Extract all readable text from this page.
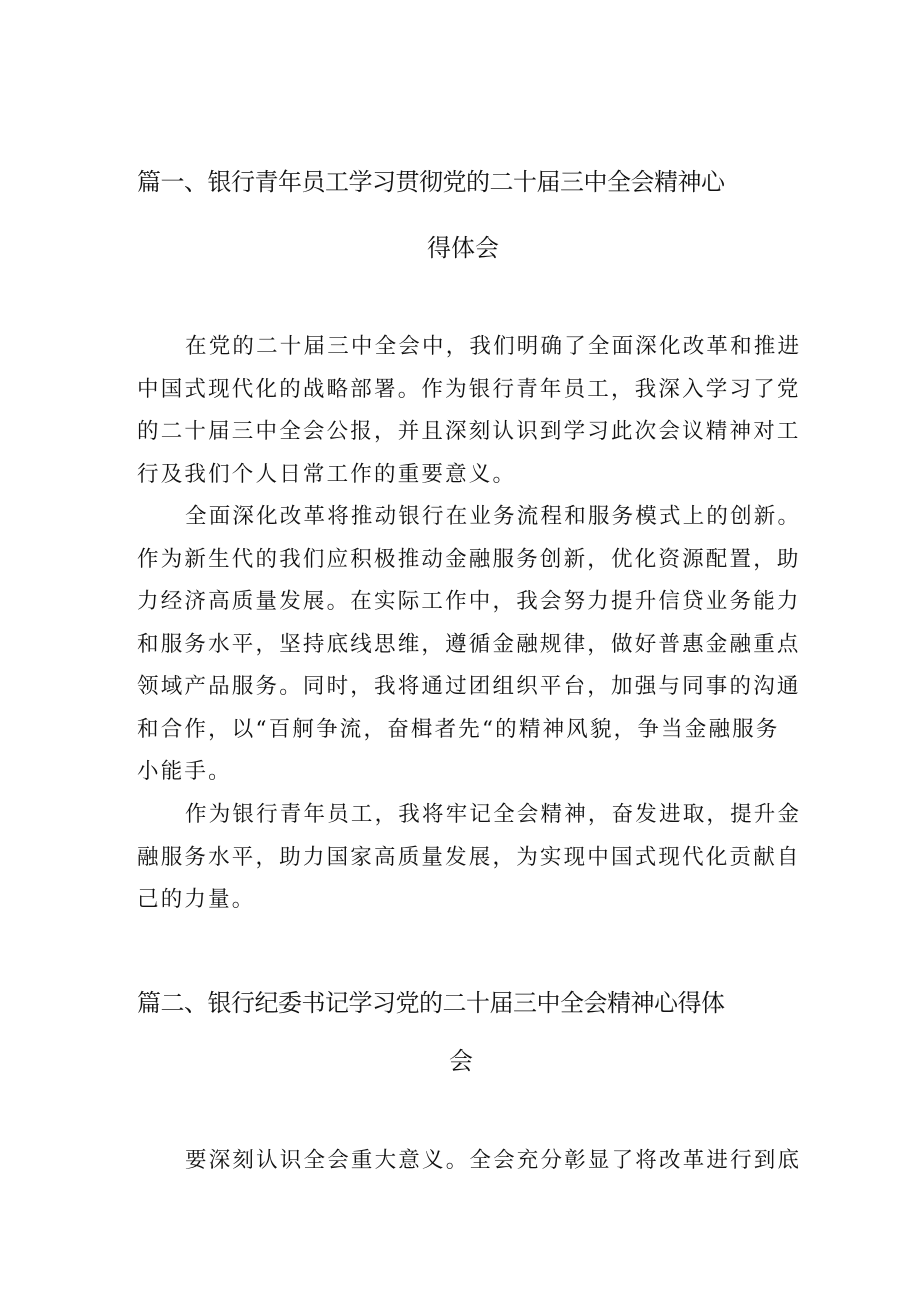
篇一、银行青年员工学习贯彻党的二十届三中全会精神心
得体会
在党的二十届三中全会中，我们明确了全面深化改革和推进
中国式现代化的战略部署。作为银行青年员工，我深入学习了党
的二十届三中全会公报，并且深刻认识到学习此次会议精神对工
行及我们个人日常工作的重要意义。
全面深化改革将推动银行在业务流程和服务模式上的创新。
作为新生代的我们应积极推动金融服务创新，优化资源配置，助
力经济高质量发展。在实际工作中，我会努力提升信贷业务能力
和服务水平，坚持底线思维，遵循金融规律，做好普惠金融重点
领域产品服务。同时，我将通过团组织平台，加强与同事的沟通
和合作，以“百舸争流，奋楫者先“的精神风貌，争当金融服务
小能手。
作为银行青年员工，我将牢记全会精神，奋发进取，提升金
融服务水平，助力国家高质量发展，为实现中国式现代化贡献自
己的力量。
篇二、银行纪委书记学习党的二十届三中全会精神心得体
会
要深刻认识全会重大意义。全会充分彰显了将改革进行到底
